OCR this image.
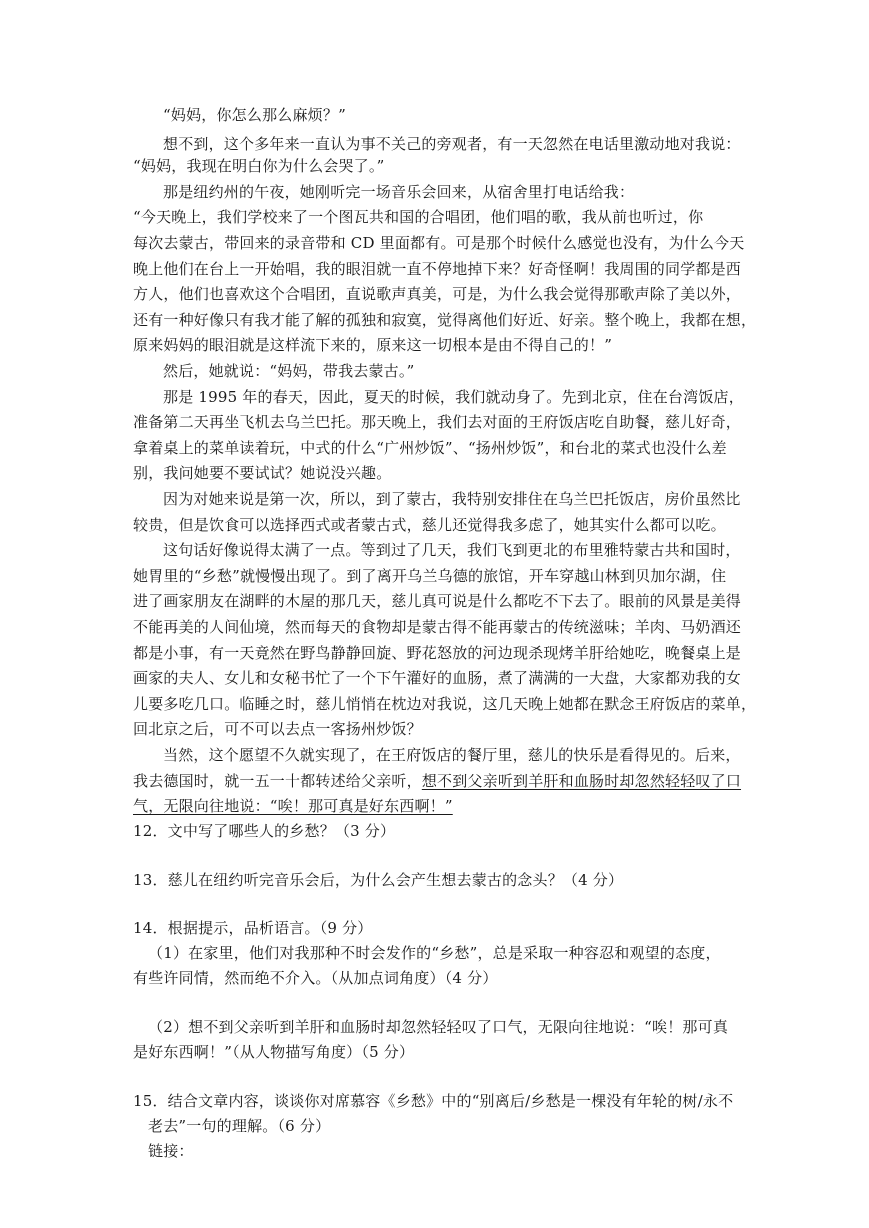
“妈妈，你怎么那么麻烦？”
想不到，这个多年来一直认为事不关己的旁观者，有一天忽然在电话里激动地对我说：
“妈妈，我现在明白你为什么会哭了。”
那是纽约州的午夜，她刚听完一场音乐会回来，从宿舍里打电话给我：
“今天晚上，我们学校来了一个图瓦共和国的合唱团，他们唱的歌，我从前也听过，你
每次去蒙古，带回来的录音带和 CD 里面都有。可是那个时候什么感觉也没有，为什么今天
晚上他们在台上一开始唱，我的眼泪就一直不停地掉下来？好奇怪啊！我周围的同学都是西
方人，他们也喜欢这个合唱团，直说歌声真美，可是，为什么我会觉得那歌声除了美以外，
还有一种好像只有我才能了解的孤独和寂寞，觉得离他们好近、好亲。整个晚上，我都在想，
原来妈妈的眼泪就是这样流下来的，原来这一切根本是由不得自己的！”
然后，她就说：“妈妈，带我去蒙古。”
那是 1995 年的春天，因此，夏天的时候，我们就动身了。先到北京，住在台湾饭店，
准备第二天再坐飞机去乌兰巴托。那天晚上，我们去对面的王府饭店吃自助餐，慈儿好奇，
拿着桌上的菜单读着玩，中式的什么“广州炒饭”、“扬州炒饭”，和台北的菜式也没什么差
别，我问她要不要试试？她说没兴趣。
因为对她来说是第一次，所以，到了蒙古，我特别安排住在乌兰巴托饭店，房价虽然比
较贵，但是饮食可以选择西式或者蒙古式，慈儿还觉得我多虑了，她其实什么都可以吃。
这句话好像说得太满了一点。等到过了几天，我们飞到更北的布里雅特蒙古共和国时，
她胃里的“乡愁”就慢慢出现了。到了离开乌兰乌德的旅馆，开车穿越山林到贝加尔湖，住
进了画家朋友在湖畔的木屋的那几天，慈儿真可说是什么都吃不下去了。眼前的风景是美得
不能再美的人间仙境，然而每天的食物却是蒙古得不能再蒙古的传统滋味；羊肉、马奶酒还
都是小事，有一天竟然在野鸟静静回旋、野花怒放的河边现杀现烤羊肝给她吃，晚餐桌上是
画家的夫人、女儿和女秘书忙了一个下午灌好的血肠，煮了满满的一大盘，大家都劝我的女
儿要多吃几口。临睡之时，慈儿悄悄在枕边对我说，这几天晚上她都在默念王府饭店的菜单，
回北京之后，可不可以去点一客扬州炒饭？
当然，这个愿望不久就实现了，在王府饭店的餐厅里，慈儿的快乐是看得见的。后来，
我去德国时，就一五一十都转述给父亲听，想不到父亲听到羊肝和血肠时却忽然轻轻叹了口
气，无限向往地说：“唉！那可真是好东西啊！”
12．文中写了哪些人的乡愁？（3 分）
13．慈儿在纽约听完音乐会后，为什么会产生想去蒙古的念头？（4 分）
14．根据提示，品析语言。（9 分）
（1）在家里，他们对我那种不时会发作的“乡愁”，总是采取一种容忍和观望的态度，
有些许同情，然而绝不介入。（从加点词角度）（4 分）
（2）想不到父亲听到羊肝和血肠时却忽然轻轻叹了口气，无限向往地说：“唉！那可真
是好东西啊！”（从人物描写角度）（5 分）
15．结合文章内容，谈谈你对席慕容《乡愁》中的“别离后/乡愁是一棵没有年轮的树/永不
老去”一句的理解。（6 分）
链接：
